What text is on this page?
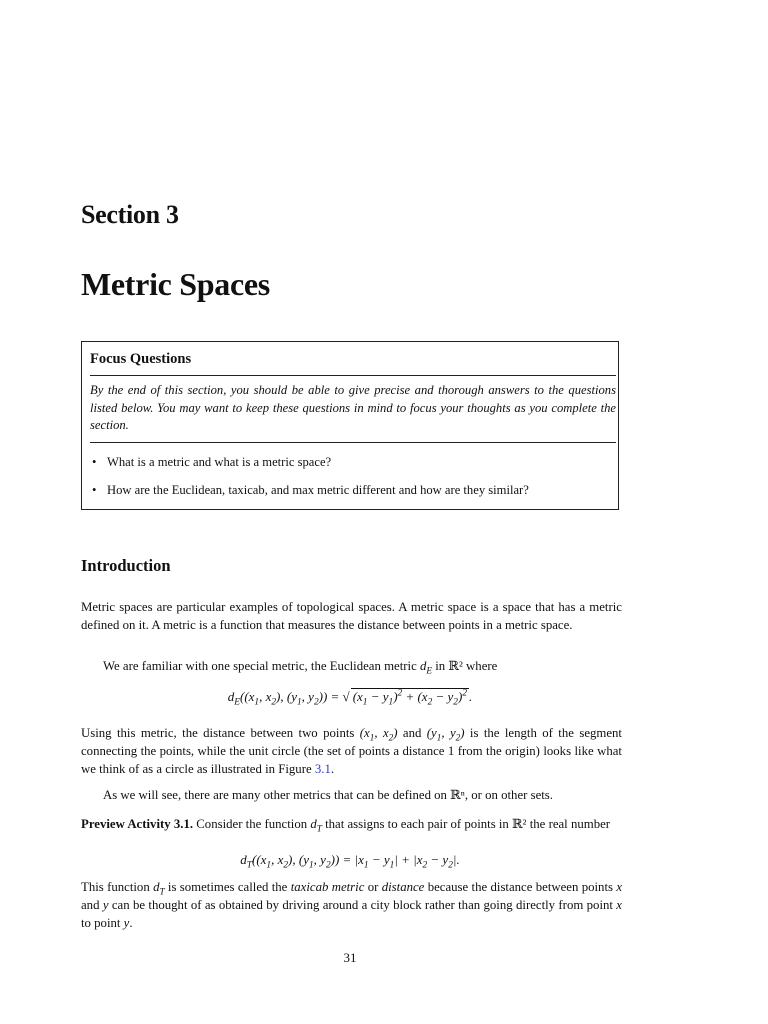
Section 3
Metric Spaces
Focus Questions
By the end of this section, you should be able to give precise and thorough answers to the questions listed below. You may want to keep these questions in mind to focus your thoughts as you complete the section.
• What is a metric and what is a metric space?
• How are the Euclidean, taxicab, and max metric different and how are they similar?
Introduction
Metric spaces are particular examples of topological spaces. A metric space is a space that has a metric defined on it. A metric is a function that measures the distance between points in a metric space.
We are familiar with one special metric, the Euclidean metric $d_E$ in ℝ² where
$d_E((x_1$, $x_2$), ($y_1$, $y_2$)) = √ $(x_1 - y_1)^2 + (x_2 - y_2)^2$ .
Using this metric, the distance between two points ($x_1$, $x_2$) and ($y_1$, $y_2$) is the length of the segment connecting the points, while the unit circle (the set of points a distance 1 from the origin) looks like what we think of as a circle as illustrated in Figure 3.1.
As we will see, there are many other metrics that can be defined on ℝⁿ, or on other sets.
Preview Activity 3.1. Consider the function $d_T$ that assigns to each pair of points in ℝ² the real number
$d_T((x_1$, $x_2$), ($y_1$, $y_2)) = |x_1 - y_1| + |x_2 - y_2|$.
This function $d_T$ is sometimes called the taxicab metric or distance because the distance between points x and y can be thought of as obtained by driving around a city block rather than going directly from point x to point y.
31
